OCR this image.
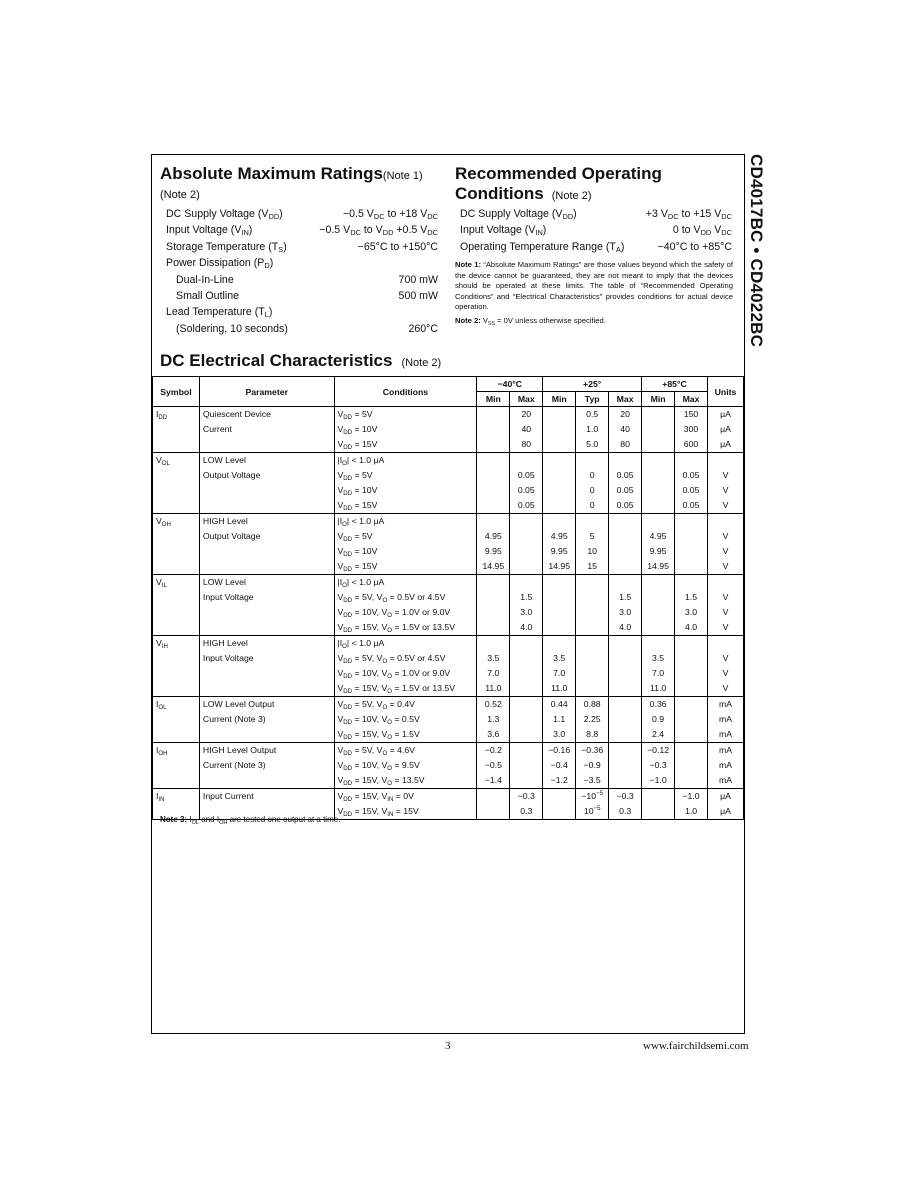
CD4017BC • CD4022BC
Absolute Maximum Ratings(Note 1)
(Note 2)
DC Supply Voltage $(V_{DD})$	−0.5 $V_{DC}$ to +18 $V_{DC}$
Input Voltage $(V_{IN})$	−0.5 $V_{DC}$ to $V_{DD} +0.5$ $V_{DC}$
Storage Temperature $(T_S)$	−65°C to +150°C
Power Dissipation $(P_D)$
Dual-In-Line	700 mW
Small Outline	500 mW
Lead Temperature $(T_L)$
(Soldering, 10 seconds)	260°C
Recommended Operating
Conditions (Note 2)
DC Supply Voltage $(V_{DD})$	+3 $V_{DC}$ to +15 $V_{DC}$
Input Voltage $(V_{IN})$	0 to $V_{DD}$ $V_{DC}$
Operating Temperature Range $(T_A)$	−40°C to +85°C
Note 1: “Absolute Maximum Ratings” are those values beyond which the safety of the device cannot be guaranteed, they are not meant to imply that the devices should be operated at these limits. The table of “Recommended Operating Conditions” and “Electrical Characteristics” provides conditions for actual device operation.
Note 2: $V_{SS} = 0V$ unless otherwise specified.
DC Electrical Characteristics (Note 2)
Symbol	Parameter	Conditions	−40°C		+25°			+85°C		Units
			Min	Max	Min	Typ	Max	Min	Max	
$I_{DD}$	Quiescent Device	$V_{DD} = 5V$		20		0.5	20		150	μA
	Current	$V_{DD} = 10V$		40		1.0	40		300	μA
		$V_{DD} = 15V$		80		5.0	80		600	μA
$V_{OL}$	LOW Level	$|I_O| < 1.0$ μA								
	Output Voltage	$V_{DD} = 5V$		0.05		0	0.05		0.05	V
		$V_{DD} = 10V$		0.05		0	0.05		0.05	V
		$V_{DD} = 15V$		0.05		0	0.05		0.05	V
$V_{OH}$	HIGH Level	$|I_O| < 1.0$ μA								
	Output Voltage	$V_{DD} = 5V$	4.95		4.95	5		4.95		V
		$V_{DD} = 10V$	9.95		9.95	10		9.95		V
		$V_{DD} = 15V$	14.95		14.95	15		14.95		V
$V_{IL}$	LOW Level	$|I_O| < 1.0$ μA								
	Input Voltage	$V_{DD} = 5V$, $V_O = 0.5V$ or 4.5V		1.5			1.5		1.5	V
		$V_{DD} = 10V$, $V_O = 1.0V$ or 9.0V		3.0			3.0		3.0	V
		$V_{DD} = 15V$, $V_O = 1.5V$ or 13.5V		4.0			4.0		4.0	V
$V_{IH}$	HIGH Level	$|I_O| < 1.0$ μA								
	Input Voltage	$V_{DD} = 5V$, $V_O = 0.5V$ or 4.5V	3.5		3.5			3.5		V
		$V_{DD} = 10V$, $V_O = 1.0V$ or 9.0V	7.0		7.0			7.0		V
		$V_{DD} = 15V$, $V_O = 1.5V$ or 13.5V	11.0		11.0			11.0		V
$I_{OL}$	LOW Level Output	$V_{DD} = 5V$, $V_O = 0.4V$	0.52		0.44	0.88		0.36		mA
	Current (Note 3)	$V_{DD} = 10V$, $V_O = 0.5V$	1.3		1.1	2.25		0.9		mA
		$V_{DD} = 15V$, $V_O = 1.5V$	3.6		3.0	8.8		2.4		mA
$I_{OH}$	HIGH Level Output	$V_{DD} = 5V$, $V_O = 4.6V$	−0.2		−0.16	−0.36		−0.12		mA
	Current (Note 3)	$V_{DD} = 10V$, $V_O = 9.5V$	−0.5		−0.4	−0.9		−0.3		mA
		$V_{DD} = 15V$, $V_O = 13.5V$	−1.4		−1.2	−3.5		−1.0		mA
$I_{IN}$	Input Current	$V_{DD} = 15V$, $V_{IN} = 0V$		−0.3		$-10^{-5}$	−0.3		−1.0	μA
		$V_{DD} = 15V$, $V_{IN} = 15V$		0.3		$10^{-5}$	0.3		1.0	μA
Note 3: $I_{OL}$ and $I_{OH}$ are tested one output at a time.
3	www.fairchildsemi.com
